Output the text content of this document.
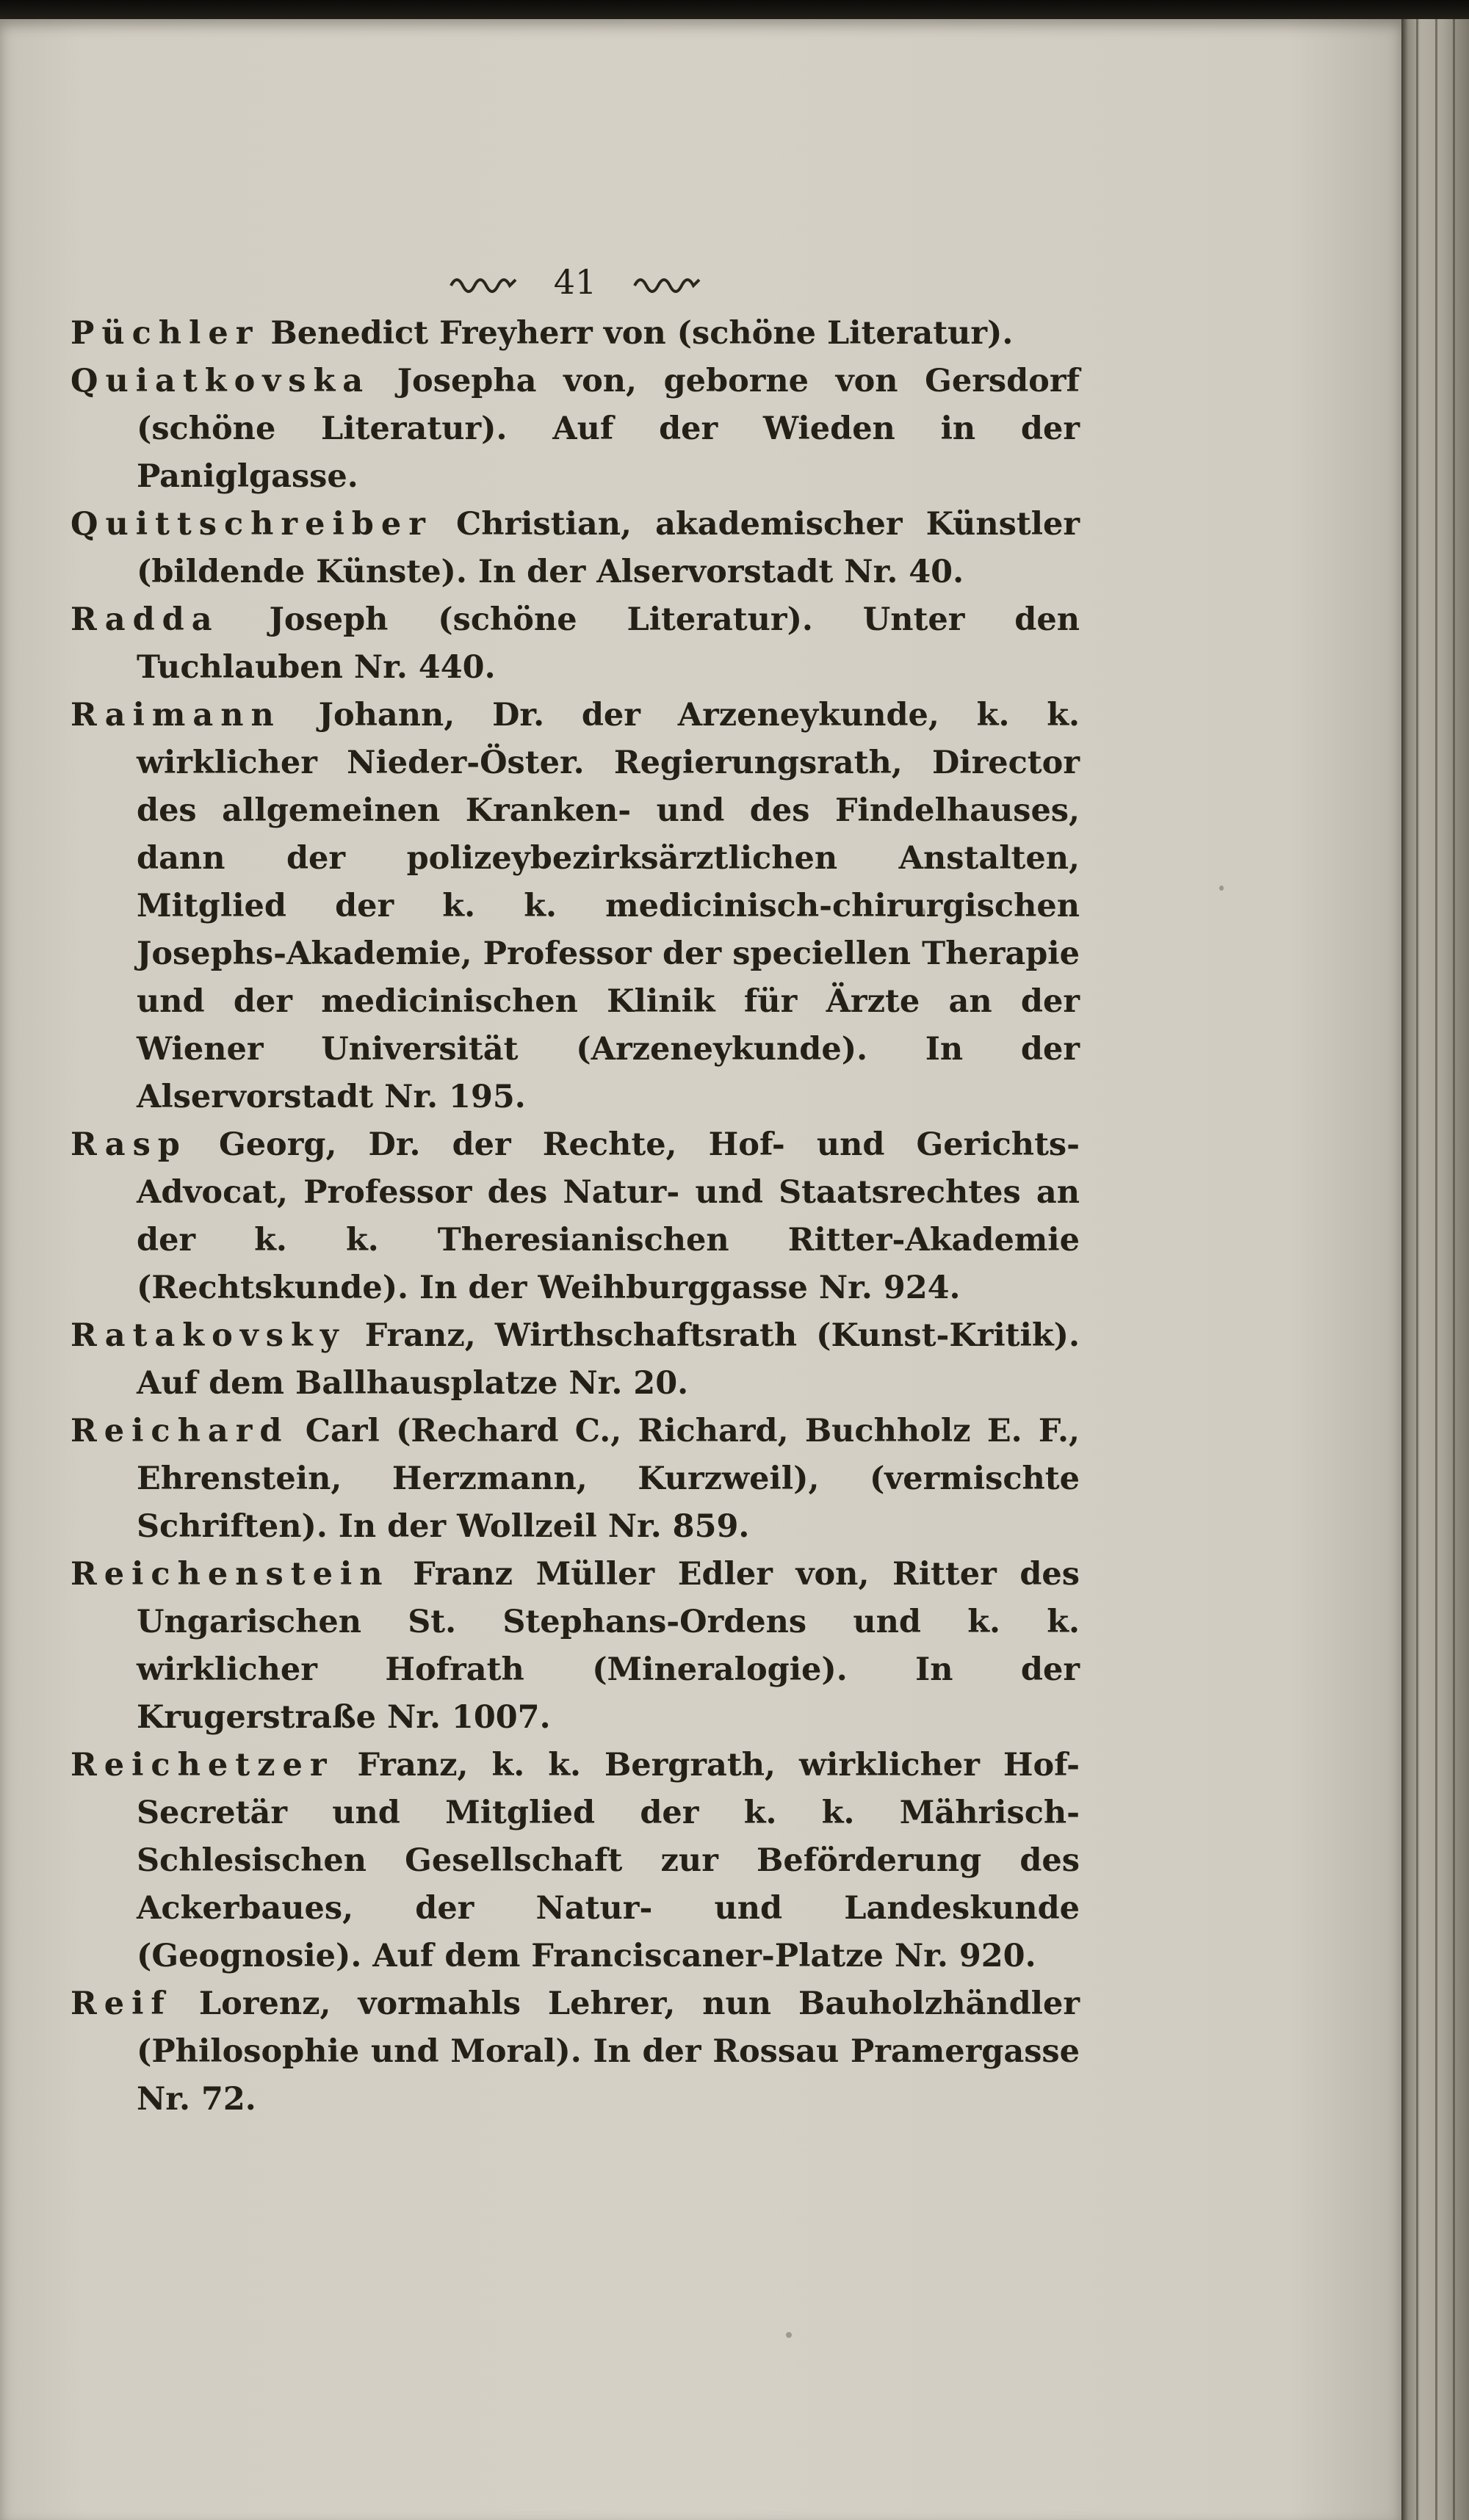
41

Püchler Benedict Freyherr von (schöne Literatur).

Quiatkovska Josepha von, geborne von Gersdorf (schöne Literatur). Auf der Wieden in der Paniglgasse.

Quittschreiber Christian, akademischer Künstler (bildende Künste). In der Alservorstadt Nr. 40.

Radda Joseph (schöne Literatur). Unter den Tuchlauben Nr. 440.

Raimann Johann, Dr. der Arzeneykunde, k. k. wirklicher Nieder-Öster. Regierungsrath, Director des allgemeinen Kranken- und des Findelhauses, dann der polizeybezirksärztlichen Anstalten, Mitglied der k. k. medicinisch-chirurgischen Josephs-Akademie, Professor der speciellen Therapie und der medicinischen Klinik für Ärzte an der Wiener Universität (Arzeneykunde). In der Alservorstadt Nr. 195.

Rasp Georg, Dr. der Rechte, Hof- und Gerichts-Advocat, Professor des Natur- und Staatsrechtes an der k. k. Theresianischen Ritter-Akademie (Rechtskunde). In der Weihburggasse Nr. 924.

Ratakovsky Franz, Wirthschaftsrath (Kunst-Kritik). Auf dem Ballhausplatze Nr. 20.

Reichard Carl (Rechard C., Richard, Buchholz E. F., Ehrenstein, Herzmann, Kurzweil), (vermischte Schriften). In der Wollzeil Nr. 859.

Reichenstein Franz Müller Edler von, Ritter des Ungarischen St. Stephans-Ordens und k. k. wirklicher Hofrath (Mineralogie). In der Krugerstraße Nr. 1007.

Reichetzer Franz, k. k. Bergrath, wirklicher Hof-Secretär und Mitglied der k. k. Mährisch-Schlesischen Gesellschaft zur Beförderung des Ackerbaues, der Natur- und Landeskunde (Geognosie). Auf dem Franciscaner-Platze Nr. 920.

Reif Lorenz, vormahls Lehrer, nun Bauholzhändler (Philosophie und Moral). In der Rossau Pramergasse Nr. 72.
